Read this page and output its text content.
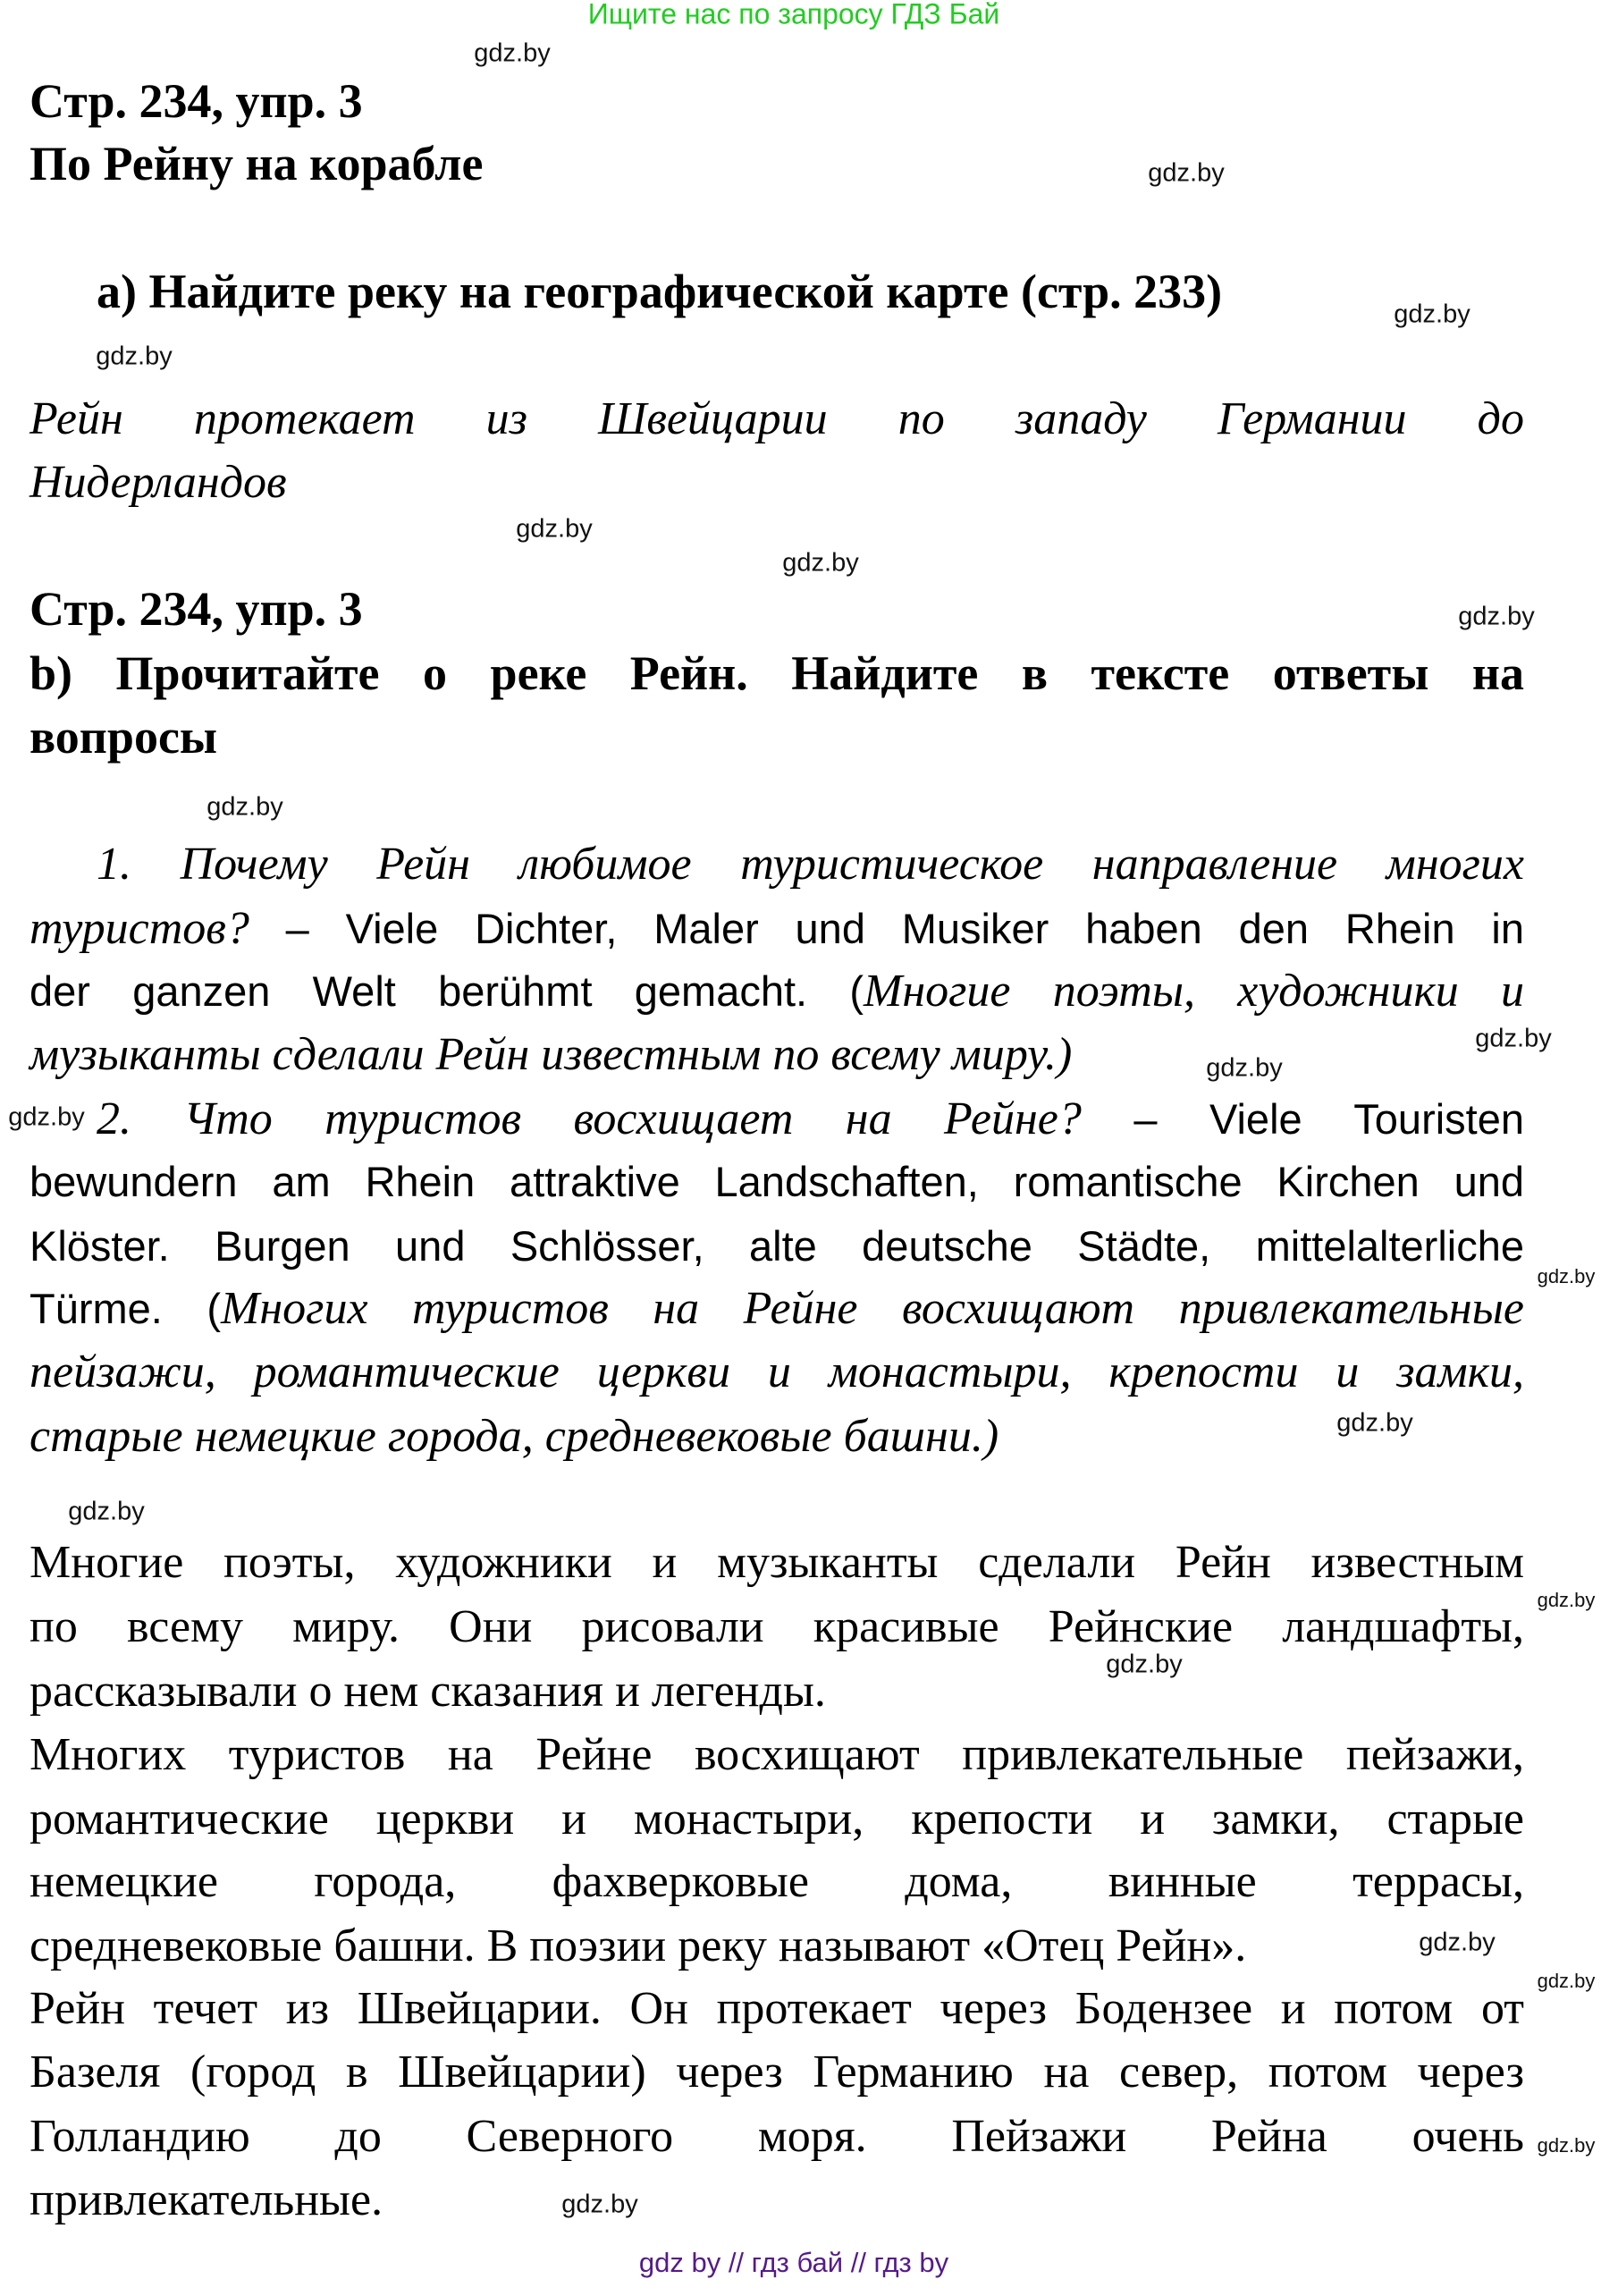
Ищите нас по запросу ГДЗ Бай
Стр. 234, упр. 3
По Рейну на корабле
а) Найдите реку на географической карте (стр. 233)
Рейн протекает из Швейцарии по западу Германии до
Нидерландов
Стр. 234, упр. 3
b) Прочитайте о реке Рейн. Найдите в тексте ответы на
вопросы
1. Почему Рейн любимое туристическое направление многих
туристов? – Viele Dichter, Maler und Musiker haben den Rhein in
der ganzen Welt berühmt gemacht. (Многие поэты, художники и
музыканты сделали Рейн известным по всему миру.)
2. Что туристов восхищает на Рейне? – Viele Touristen
bewundern am Rhein attraktive Landschaften, romantische Kirchen und
Klöster. Burgen und Schlösser, alte deutsche Städte, mittelalterliche
Türme. (Многих туристов на Рейне восхищают привлекательные
пейзажи, романтические церкви и монастыри, крепости и замки,
старые немецкие города, средневековые башни.)
Многие поэты, художники и музыканты сделали Рейн известным
по всему миру. Они рисовали красивые Рейнские ландшафты,
рассказывали о нем сказания и легенды.
Многих туристов на Рейне восхищают привлекательные пейзажи,
романтические церкви и монастыри, крепости и замки, старые
немецкие города, фахверковые дома, винные террасы,
средневековые башни. В поэзии реку называют «Отец Рейн».
Рейн течет из Швейцарии. Он протекает через Бодензее и потом от
Базеля (город в Швейцарии) через Германию на север, потом через
Голландию до Северного моря. Пейзажи Рейна очень
привлекательные.
gdz.by
gdz.by
gdz.by
gdz.by
gdz.by
gdz.by
gdz.by
gdz.by
gdz.by
gdz.by
gdz.by
gdz.by
gdz.by
gdz.by
gdz.by
gdz.by
gdz.by
gdz.by
gdz.by
gdz.by
gdz by // гдз бай // гдз by
